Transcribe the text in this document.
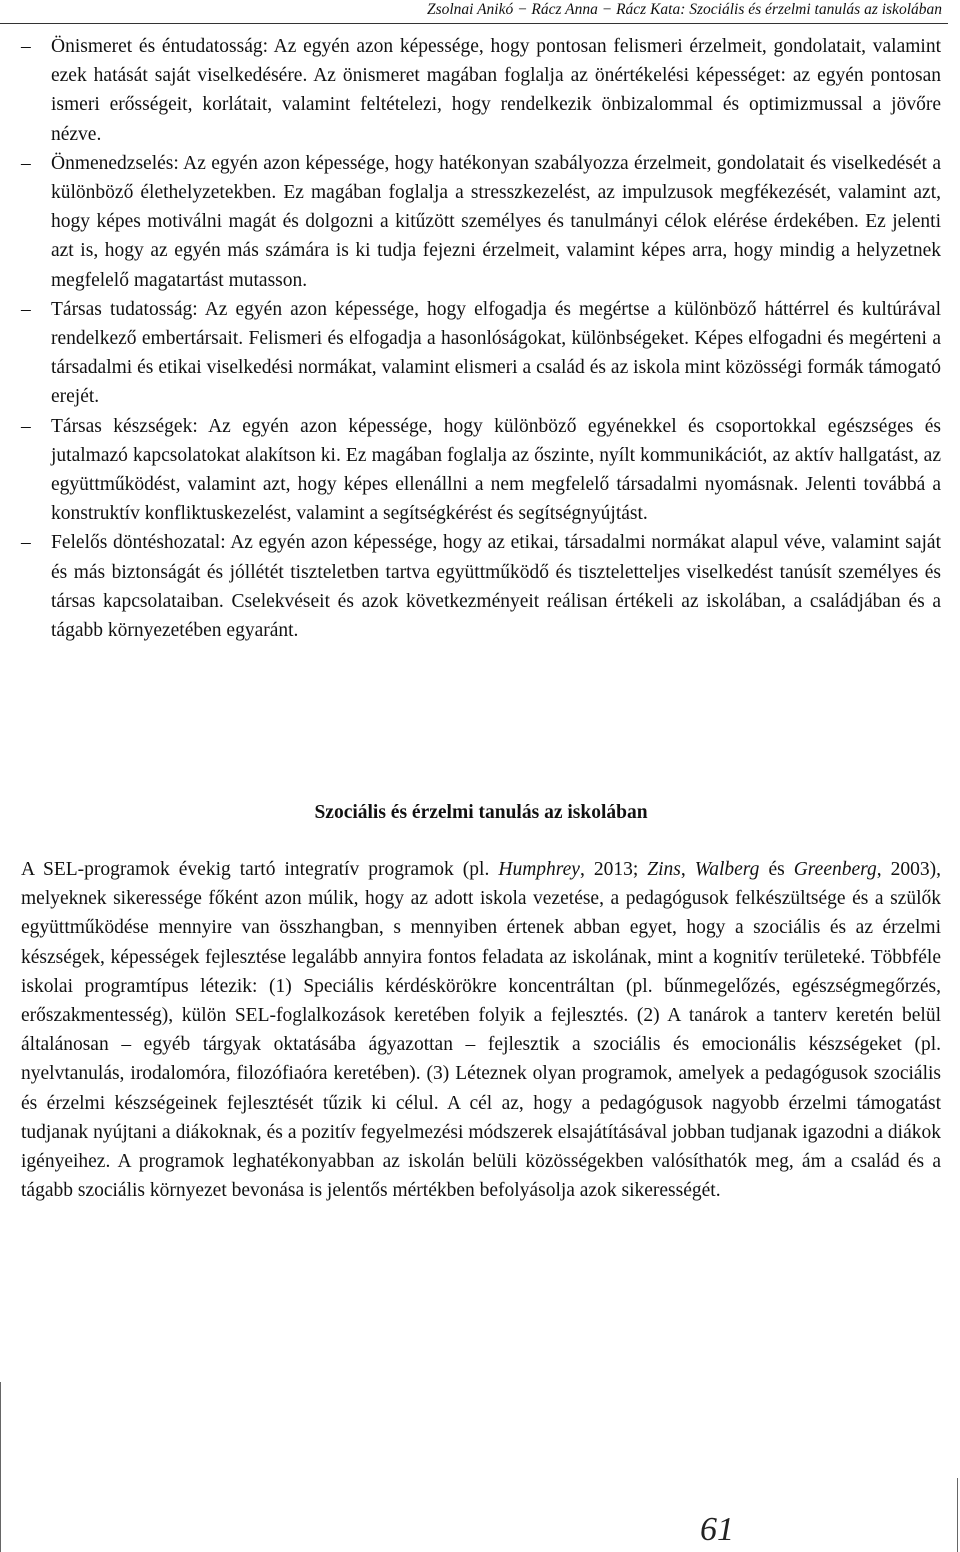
Zsolnai Anikó − Rácz Anna − Rácz Kata: Szociális és érzelmi tanulás az iskolában
– Önismeret és éntudatosság: Az egyén azon képessége, hogy pontosan felismeri érzelmeit, gondolatait, valamint ezek hatását saját viselkedésére. Az önismeret magában foglalja az önértékelési képességet: az egyén pontosan ismeri erősségeit, korlátait, valamint feltételezi, hogy rendelkezik önbizalommal és optimizmussal a jövőre nézve.
– Önmenedzselés: Az egyén azon képessége, hogy hatékonyan szabályozza érzelmeit, gondolatait és viselkedését a különböző élethelyzetekben. Ez magában foglalja a stresszkezelést, az impulzusok megfékezését, valamint azt, hogy képes motiválni magát és dolgozni a kitűzött személyes és tanulmányi célok elérése érdekében. Ez jelenti azt is, hogy az egyén más számára is ki tudja fejezni érzelmeit, valamint képes arra, hogy mindig a helyzetnek megfelelő magatartást mutasson.
– Társas tudatosság: Az egyén azon képessége, hogy elfogadja és megértse a különböző háttérrel és kultúrával rendelkező embertársait. Felismeri és elfogadja a hasonlóságokat, különbségeket. Képes elfogadni és megérteni a társadalmi és etikai viselkedési normákat, valamint elismeri a család és az iskola mint közösségi formák támogató erejét.
– Társas készségek: Az egyén azon képessége, hogy különböző egyénekkel és csoportokkal egészséges és jutalmazó kapcsolatokat alakítson ki. Ez magában foglalja az őszinte, nyílt kommunikációt, az aktív hallgatást, az együttműködést, valamint azt, hogy képes ellenállni a nem megfelelő társadalmi nyomásnak. Jelenti továbbá a konstruktív konfliktuskezelést, valamint a segítségkérést és segítségnyújtást.
– Felelős döntéshozatal: Az egyén azon képessége, hogy az etikai, társadalmi normákat alapul véve, valamint saját és más biztonságát és jóllétét tiszteletben tartva együttműködő és tiszteletteljes viselkedést tanúsít személyes és társas kapcsolataiban. Cselekvéseit és azok következményeit reálisan értékeli az iskolában, a családjában és a tágabb környezetében egyaránt.
Szociális és érzelmi tanulás az iskolában

A SEL-programok évekig tartó integratív programok (pl. Humphrey, 2013; Zins, Walberg és Greenberg, 2003), melyeknek sikeressége főként azon múlik, hogy az adott iskola vezetése, a pedagógusok felkészültsége és a szülők együttműködése mennyire van összhangban, s mennyiben értenek abban egyet, hogy a szociális és az érzelmi készségek, képességek fejlesztése legalább annyira fontos feladata az iskolának, mint a kognitív területeké. Többféle iskolai programtípus létezik: (1) Speciális kérdéskörökre koncentráltan (pl. bűnmegelőzés, egészségmegőrzés, erőszakmentesség), külön SEL-foglalkozások keretében folyik a fejlesztés. (2) A tanárok a tanterv keretén belül általánosan – egyéb tárgyak oktatásába ágyazottan – fejlesztik a szociális és emocionális készségeket (pl. nyelvtanulás, irodalomóra, filozófiaóra keretében). (3) Léteznek olyan programok, amelyek a pedagógusok szociális és érzelmi készségeinek fejlesztését tűzik ki célul. A cél az, hogy a pedagógusok nagyobb érzelmi támogatást tudjanak nyújtani a diákoknak, és a pozitív fegyelmezési módszerek elsajátításával jobban tudjanak igazodni a diákok igényeihez. A programok leghatékonyabban az iskolán belüli közösségekben valósíthatók meg, ám a család és a tágabb szociális környezet bevonása is jelentős mértékben befolyásolja azok sikerességét.

61
